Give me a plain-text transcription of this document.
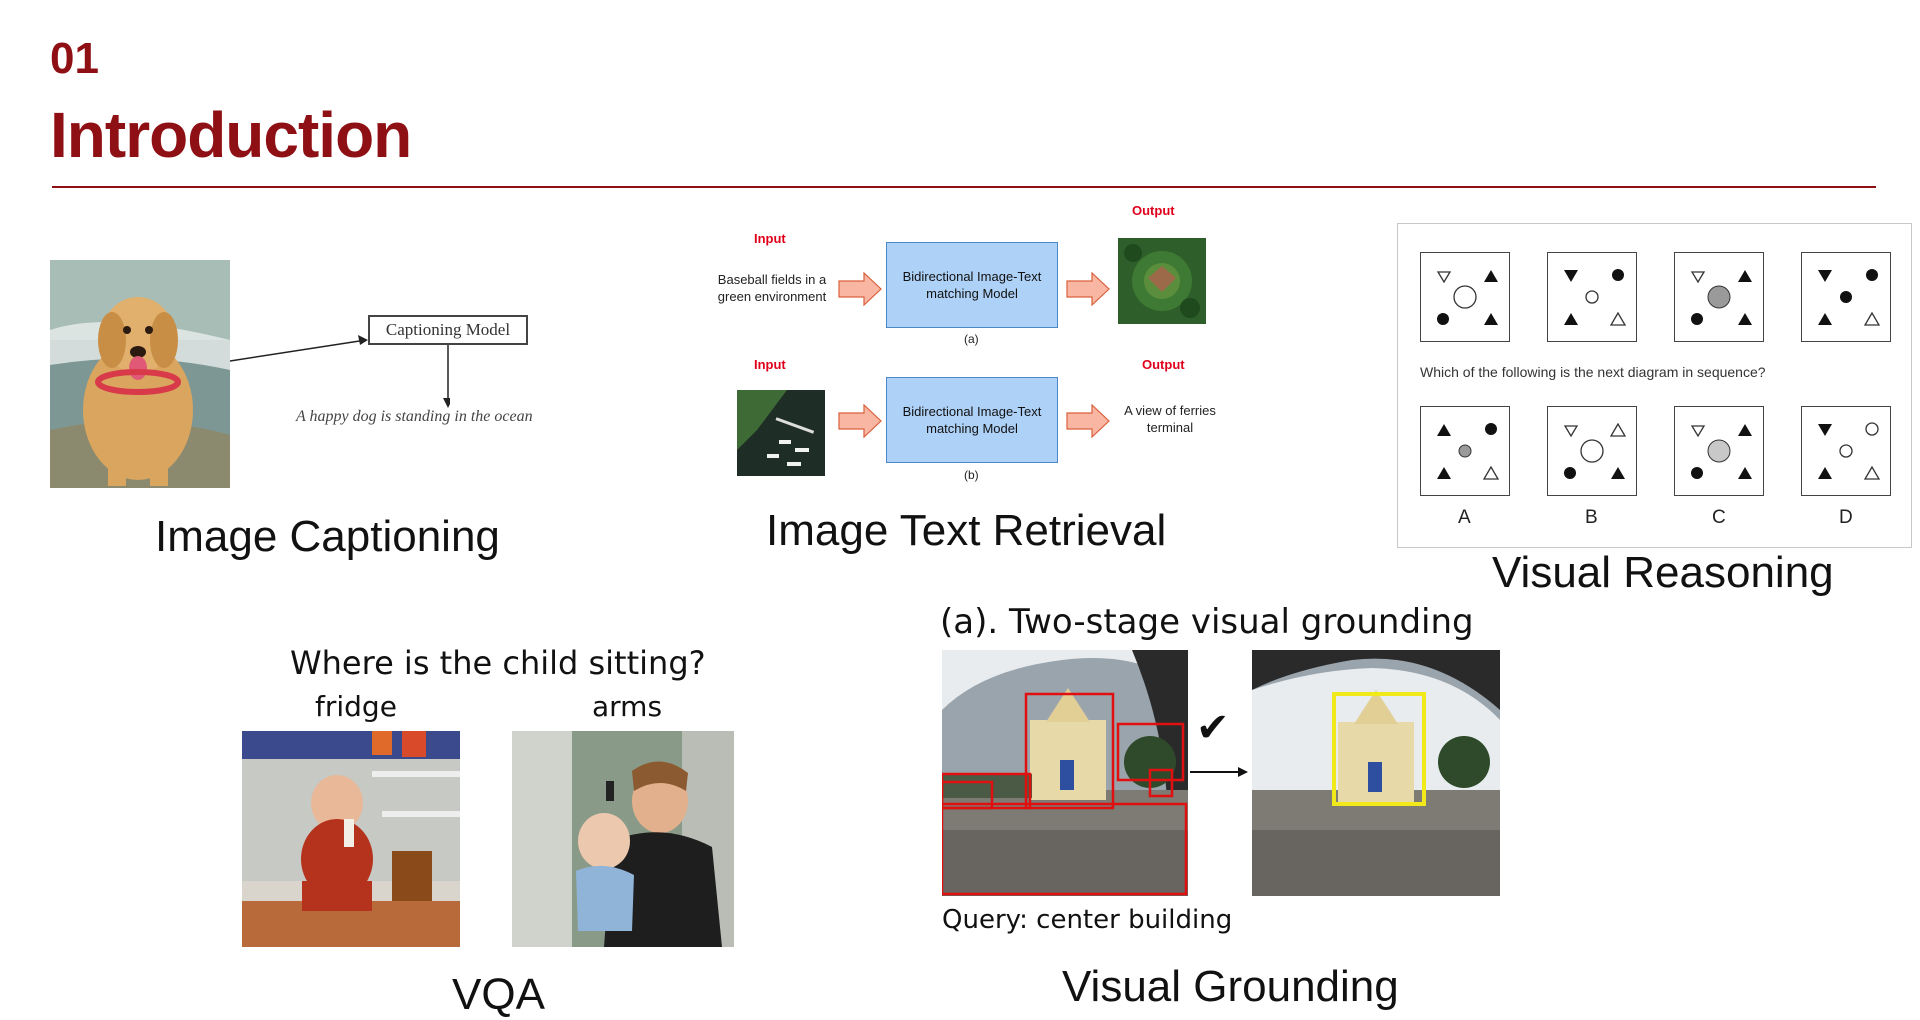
01
Introduction
Captioning Model
A happy dog is standing in the ocean
Image Captioning
Input
Baseball fields in a green environment
Bidirectional Image-Text matching Model
(a)
Output
Input
Bidirectional Image-Text matching Model
(b)
Output
A view of ferries terminal
Image Text Retrieval
Which of the following is the next diagram in sequence?
A	B	C	D
Visual Reasoning
Where is the child sitting?
fridge	arms
VQA
(a). Two-stage visual grounding
✔
Query: center building
Visual Grounding
